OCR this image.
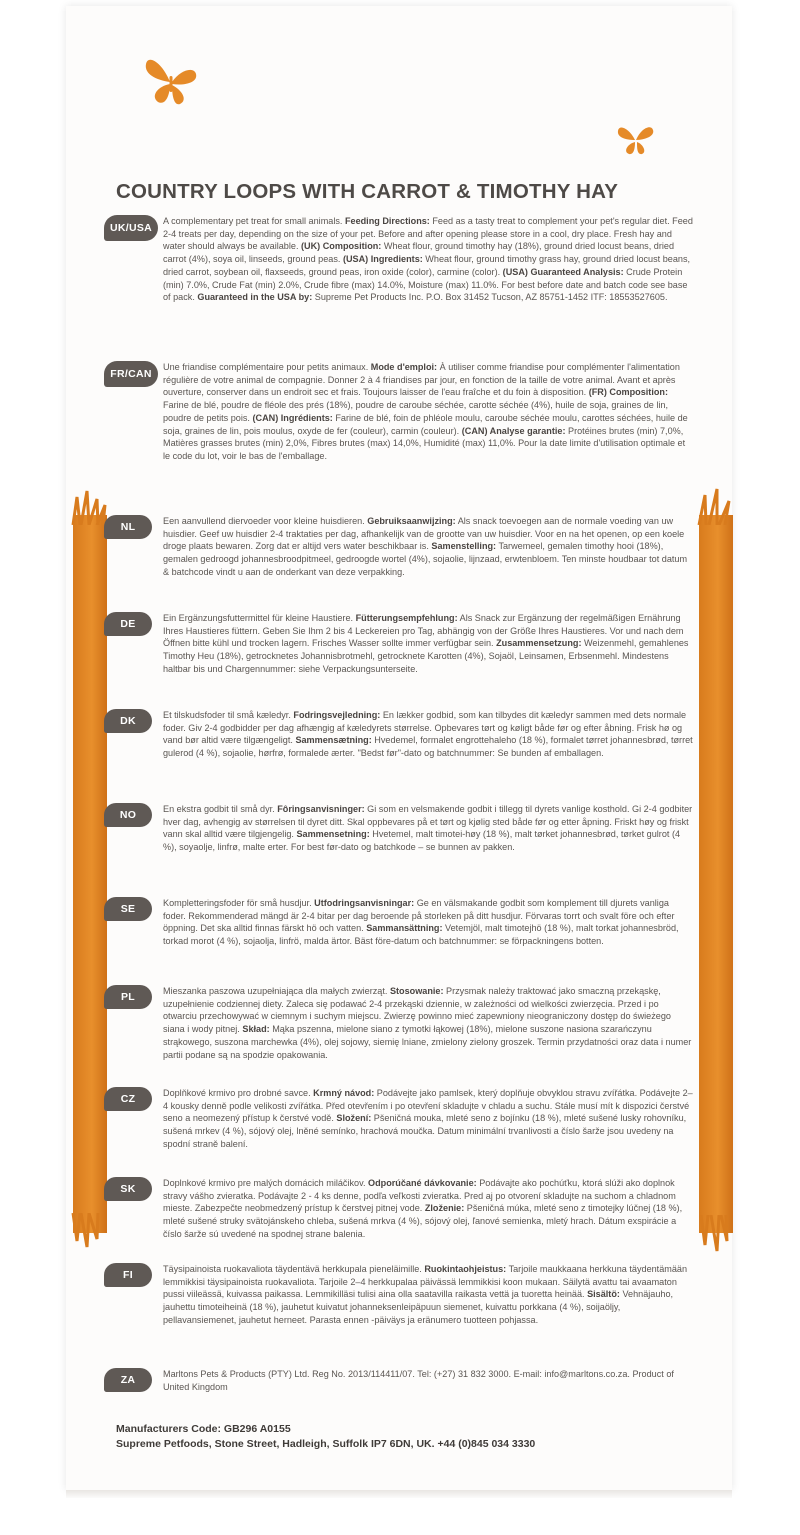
COUNTRY LOOPS WITH CARROT & TIMOTHY HAY
UK/USA
A complementary pet treat for small animals. Feeding Directions: Feed as a tasty treat to complement your pet's regular diet. Feed 2-4 treats per day, depending on the size of your pet. Before and after opening please store in a cool, dry place. Fresh hay and water should always be available. (UK) Composition: Wheat flour, ground timothy hay (18%), ground dried locust beans, dried carrot (4%), soya oil, linseeds, ground peas. (USA) Ingredients: Wheat flour, ground timothy grass hay, ground dried locust beans, dried carrot, soybean oil, flaxseeds, ground peas, iron oxide (color), carmine (color). (USA) Guaranteed Analysis: Crude Protein (min) 7.0%, Crude Fat (min) 2.0%, Crude fibre (max) 14.0%, Moisture (max) 11.0%. For best before date and batch code see base of pack. Guaranteed in the USA by: Supreme Pet Products Inc. P.O. Box 31452 Tucson, AZ 85751-1452 ITF: 18553527605.
FR/CAN
Une friandise complémentaire pour petits animaux. Mode d'emploi: À utiliser comme friandise pour complémenter l'alimentation régulière de votre animal de compagnie. Donner 2 à 4 friandises par jour, en fonction de la taille de votre animal. Avant et après ouverture, conserver dans un endroit sec et frais. Toujours laisser de l'eau fraîche et du foin à disposition. (FR) Composition: Farine de blé, poudre de fléole des prés (18%), poudre de caroube séchée, carotte séchée (4%), huile de soja, graines de lin, poudre de petits pois. (CAN) Ingrédients: Farine de blé, foin de phléole moulu, caroube séchée moulu, carottes séchées, huile de soja, graines de lin, pois moulus, oxyde de fer (couleur), carmin (couleur). (CAN) Analyse garantie: Protéines brutes (min) 7,0%, Matières grasses brutes (min) 2,0%, Fibres brutes (max) 14,0%, Humidité (max) 11,0%. Pour la date limite d'utilisation optimale et le code du lot, voir le bas de l'emballage.
NL	Een aanvullend diervoeder voor kleine huisdieren. Gebruiksaanwijzing: Als snack toevoegen aan de normale voeding van uw huisdier. Geef uw huisdier 2-4 traktaties per dag, afhankelijk van de grootte van uw huisdier. Voor en na het openen, op een koele droge plaats bewaren. Zorg dat er altijd vers water beschikbaar is. Samenstelling: Tarwemeel, gemalen timothy hooi (18%), gemalen gedroogd johannesbroodpitmeel, gedroogde wortel (4%), sojaolie, lijnzaad, erwtenbloem. Ten minste houdbaar tot datum & batchcode vindt u aan de onderkant van deze verpakking.
DE	Ein Ergänzungsfuttermittel für kleine Haustiere. Fütterungsempfehlung: Als Snack zur Ergänzung der regelmäßigen Ernährung Ihres Haustieres füttern. Geben Sie Ihm 2 bis 4 Leckereien pro Tag, abhängig von der Größe Ihres Haustieres. Vor und nach dem Öffnen bitte kühl und trocken lagern. Frisches Wasser sollte immer verfügbar sein. Zusammensetzung: Weizenmehl, gemahlenes Timothy Heu (18%), getrocknetes Johannisbrotmehl, getrocknete Karotten (4%), Sojaöl, Leinsamen, Erbsenmehl. Mindestens haltbar bis und Chargennummer: siehe Verpackungsunterseite.
DK	Et tilskudsfoder til små kæledyr. Fodringsvejledning: En lækker godbid, som kan tilbydes dit kæledyr sammen med dets normale foder. Giv 2-4 godbidder per dag afhængig af kæledyrets størrelse. Opbevares tørt og køligt både før og efter åbning. Frisk hø og vand bør altid være tilgængeligt. Sammensætning: Hvedemel, formalet engrottehaleho (18 %), formalet tørret johannesbrød, tørret gulerod (4 %), sojaolie, hørfrø, formalede ærter. "Bedst før"-dato og batchnummer: Se bunden af emballagen.
NO	En ekstra godbit til små dyr. Fôringsanvisninger: Gi som en velsmakende godbit i tillegg til dyrets vanlige kosthold. Gi 2-4 godbiter hver dag, avhengig av størrelsen til dyret ditt. Skal oppbevares på et tørt og kjølig sted både før og etter åpning. Friskt høy og friskt vann skal alltid være tilgjengelig. Sammensetning: Hvetemel, malt timotei-høy (18 %), malt tørket johannesbrød, tørket gulrot (4 %), soyaolje, linfrø, malte erter. For best før-dato og batchkode – se bunnen av pakken.
SE	Kompletteringsfoder för små husdjur. Utfodringsanvisningar: Ge en välsmakande godbit som komplement till djurets vanliga foder. Rekommenderad mängd är 2-4 bitar per dag beroende på storleken på ditt husdjur. Förvaras torrt och svalt före och efter öppning. Det ska alltid finnas färskt hö och vatten. Sammansättning: Vetemjöl, malt timotejhö (18 %), malt torkat johannesbröd, torkad morot (4 %), sojaolja, linfrö, malda ärtor. Bäst före-datum och batchnummer: se förpackningens botten.
PL	Mieszanka paszowa uzupełniająca dla małych zwierząt. Stosowanie: Przysmak należy traktować jako smaczną przekąskę, uzupełnienie codziennej diety. Zaleca się podawać 2-4 przekąski dziennie, w zależności od wielkości zwierzęcia. Przed i po otwarciu przechowywać w ciemnym i suchym miejscu. Zwierzę powinno mieć zapewniony nieograniczony dostęp do świeżego siana i wody pitnej. Skład: Mąka pszenna, mielone siano z tymotki łąkowej (18%), mielone suszone nasiona szarańczynu strąkowego, suszona marchewka (4%), olej sojowy, siemię lniane, zmielony zielony groszek. Termin przydatności oraz data i numer partii podane są na spodzie opakowania.
CZ	Doplňkové krmivo pro drobné savce. Krmný návod: Podávejte jako pamlsek, který doplňuje obvyklou stravu zvířátka. Podávejte 2–4 kousky denně podle velikosti zvířátka. Před otevřením i po otevření skladujte v chladu a suchu. Stále musí mít k dispozici čerstvé seno a neomezený přístup k čerstvé vodě. Složení: Pšeničná mouka, mleté seno z bojínku (18 %), mleté sušené lusky rohovníku, sušená mrkev (4 %), sójový olej, lněné semínko, hrachová moučka. Datum minimální trvanlivosti a číslo šarže jsou uvedeny na spodní straně balení.
SK	Doplnkové krmivo pre malých domácich miláčikov. Odporúčané dávkovanie: Podávajte ako pochúťku, ktorá slúži ako doplnok stravy vášho zvieratka. Podávajte 2 - 4 ks denne, podľa veľkosti zvieratka. Pred aj po otvorení skladujte na suchom a chladnom mieste. Zabezpečte neobmedzený prístup k čerstvej pitnej vode. Zloženie: Pšeničná múka, mleté seno z timotejky lúčnej (18 %), mleté sušené struky svätojánskeho chleba, sušená mrkva (4 %), sójový olej, ľanové semienka, mletý hrach. Dátum exspirácie a číslo šarže sú uvedené na spodnej strane balenia.
FI	Täysipainoista ruokavaliota täydentävä herkkupala pieneläimille. Ruokintaohjeistus: Tarjoile maukkaana herkkuna täydentämään lemmikkisi täysipainoista ruokavaliota. Tarjoile 2–4 herkkupalaa päivässä lemmikkisi koon mukaan. Säilytä avattu tai avaamaton pussi viileässä, kuivassa paikassa. Lemmikilläsi tulisi aina olla saatavilla raikasta vettä ja tuoretta heinää. Sisältö: Vehnäjauho, jauhettu timoteiheinä (18 %), jauhetut kuivatut johanneksenleipäpuun siemenet, kuivattu porkkana (4 %), soijaöljy, pellavansiemenet, jauhetut herneet. Parasta ennen -päiväys ja eränumero tuotteen pohjassa.
ZA	Marltons Pets & Products (PTY) Ltd. Reg No. 2013/114411/07. Tel: (+27) 31 832 3000. E-mail: info@marltons.co.za. Product of United Kingdom
Manufacturers Code: GB296 A0155
Supreme Petfoods, Stone Street, Hadleigh, Suffolk IP7 6DN, UK. +44 (0)845 034 3330
